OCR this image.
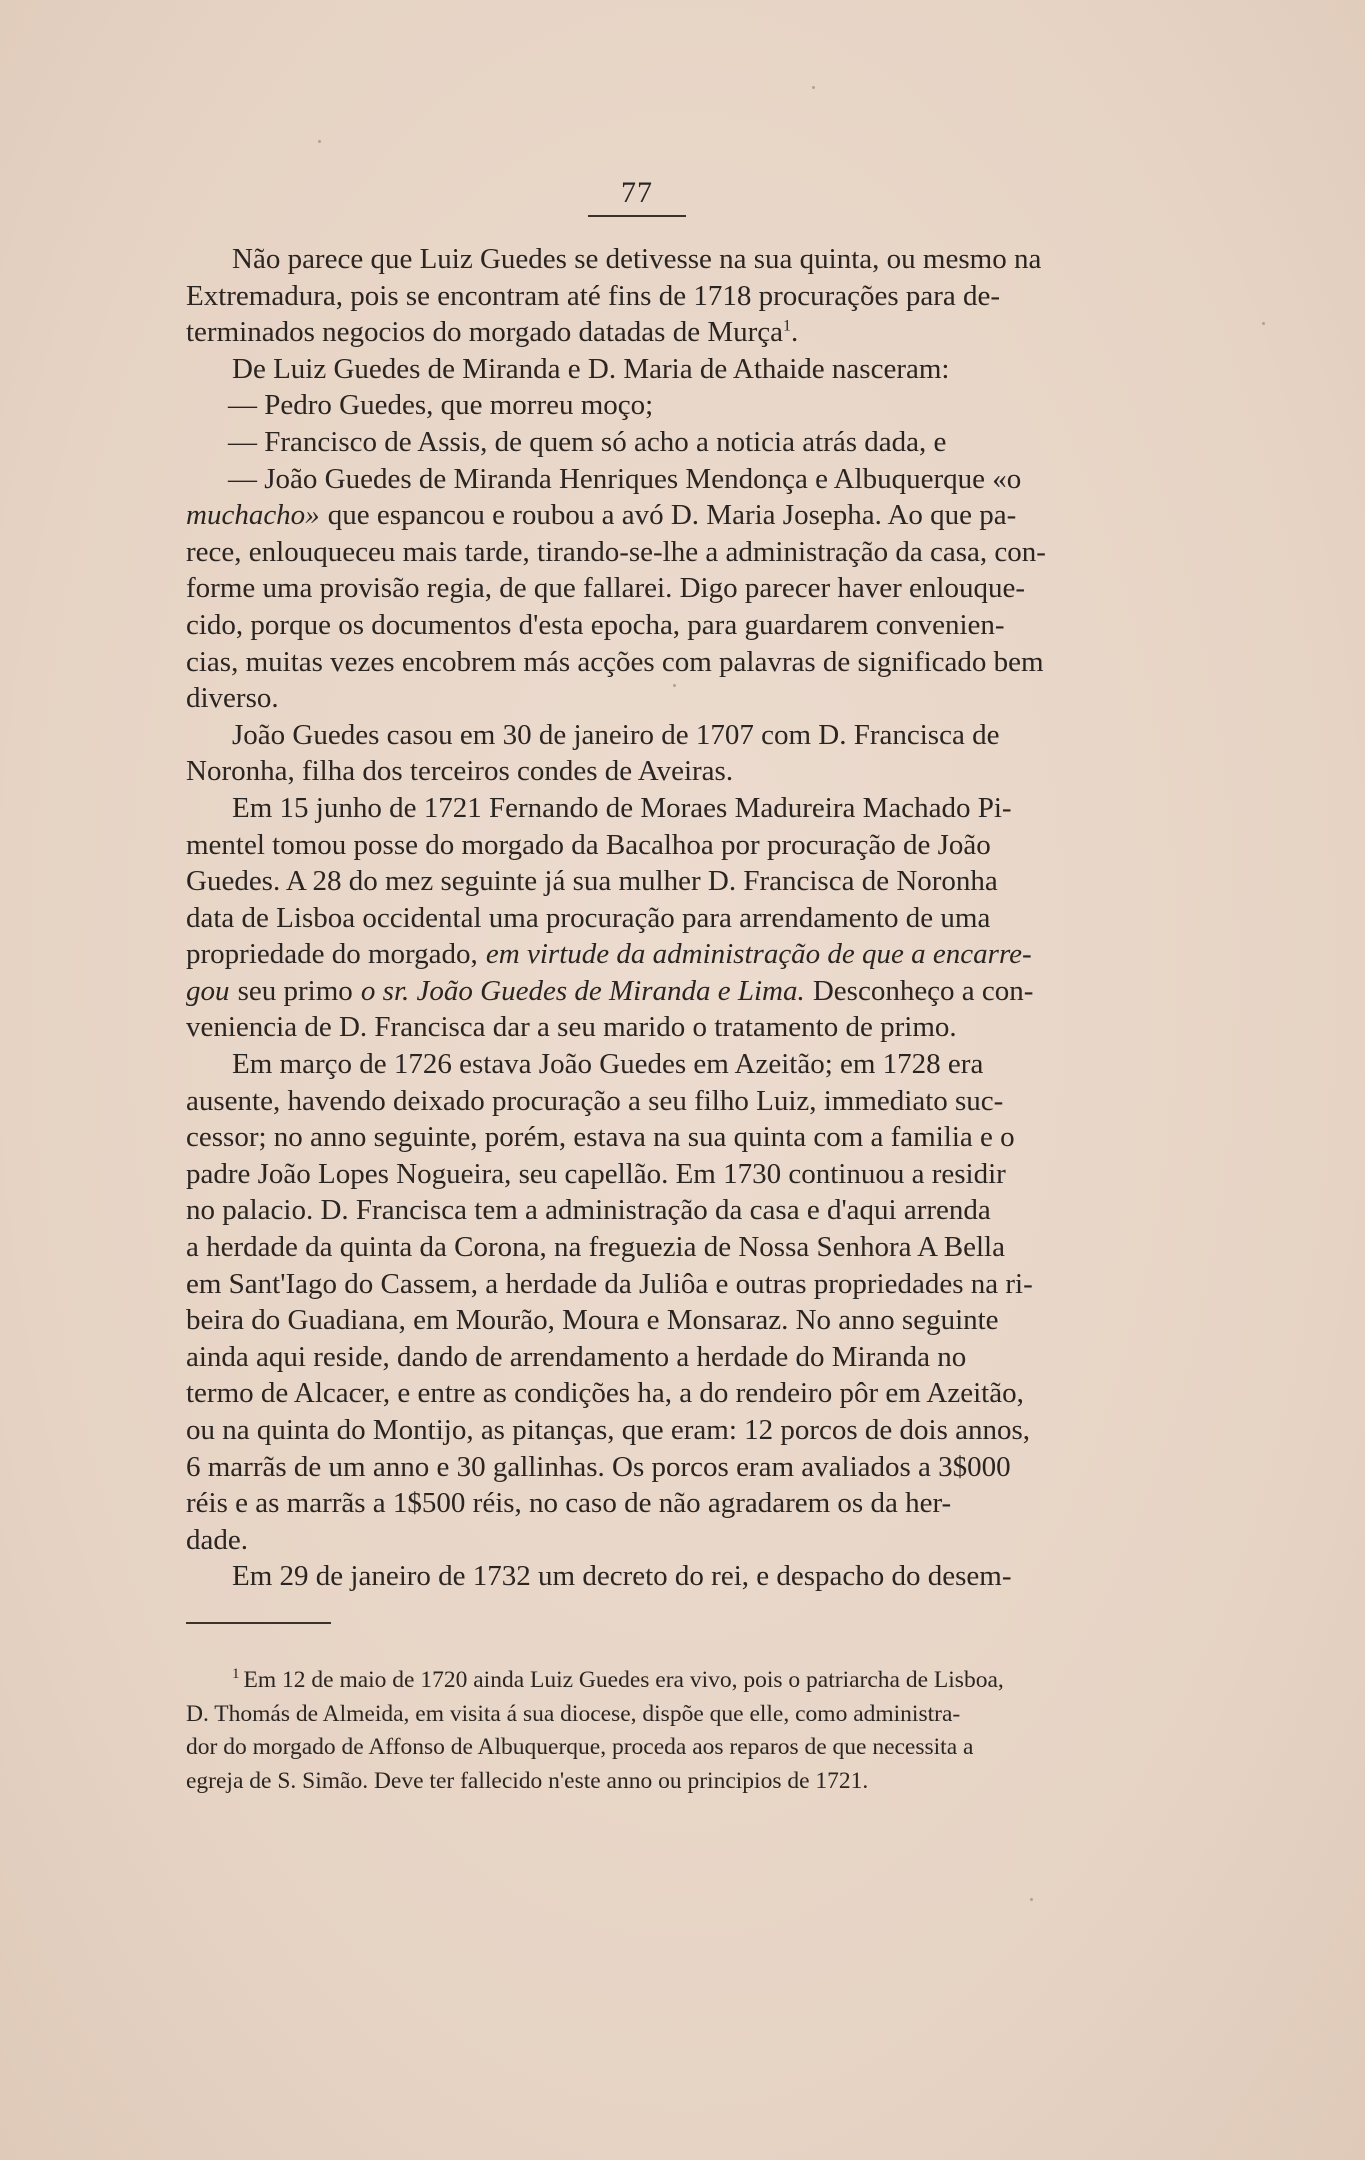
77
Não parece que Luiz Guedes se detivesse na sua quinta, ou mesmo na
Extremadura, pois se encontram até fins de 1718 procurações para de-
terminados negocios do morgado datadas de Murça$^1$.
De Luiz Guedes de Miranda e D. Maria de Athaide nasceram:
— Pedro Guedes, que morreu moço;
— Francisco de Assis, de quem só acho a noticia atrás dada, e
— João Guedes de Miranda Henriques Mendonça e Albuquerque «o
muchacho» que espancou e roubou a avó D. Maria Josepha. Ao que pa-
rece, enlouqueceu mais tarde, tirando-se-lhe a administração da casa, con-
forme uma provisão regia, de que fallarei. Digo parecer haver enlouque-
cido, porque os documentos d'esta epocha, para guardarem convenien-
cias, muitas vezes encobrem más acções com palavras de significado bem
diverso.
João Guedes casou em 30 de janeiro de 1707 com D. Francisca de
Noronha, filha dos terceiros condes de Aveiras.
Em 15 junho de 1721 Fernando de Moraes Madureira Machado Pi-
mentel tomou posse do morgado da Bacalhoa por procuração de João
Guedes. A 28 do mez seguinte já sua mulher D. Francisca de Noronha
data de Lisboa occidental uma procuração para arrendamento de uma
propriedade do morgado, em virtude da administração de que a encarre-
gou seu primo o sr. João Guedes de Miranda e Lima. Desconheço a con-
veniencia de D. Francisca dar a seu marido o tratamento de primo.
Em março de 1726 estava João Guedes em Azeitão; em 1728 era
ausente, havendo deixado procuração a seu filho Luiz, immediato suc-
cessor; no anno seguinte, porém, estava na sua quinta com a familia e o
padre João Lopes Nogueira, seu capellão. Em 1730 continuou a residir
no palacio. D. Francisca tem a administração da casa e d'aqui arrenda
a herdade da quinta da Corona, na freguezia de Nossa Senhora A Bella
em Sant'Iago do Cassem, a herdade da Juliôa e outras propriedades na ri-
beira do Guadiana, em Mourão, Moura e Monsaraz. No anno seguinte
ainda aqui reside, dando de arrendamento a herdade do Miranda no
termo de Alcacer, e entre as condições ha, a do rendeiro pôr em Azeitão,
ou na quinta do Montijo, as pitanças, que eram: 12 porcos de dois annos,
6 marrãs de um anno e 30 gallinhas. Os porcos eram avaliados a 3$000
réis e as marrãs a 1$500 réis, no caso de não agradarem os da her-
dade.
Em 29 de janeiro de 1732 um decreto do rei, e despacho do desem-
$^1$ Em 12 de maio de 1720 ainda Luiz Guedes era vivo, pois o patriarcha de Lisboa,
D. Thomás de Almeida, em visita á sua diocese, dispõe que elle, como administra-
dor do morgado de Affonso de Albuquerque, proceda aos reparos de que necessita a
egreja de S. Simão. Deve ter fallecido n'este anno ou principios de 1721.
